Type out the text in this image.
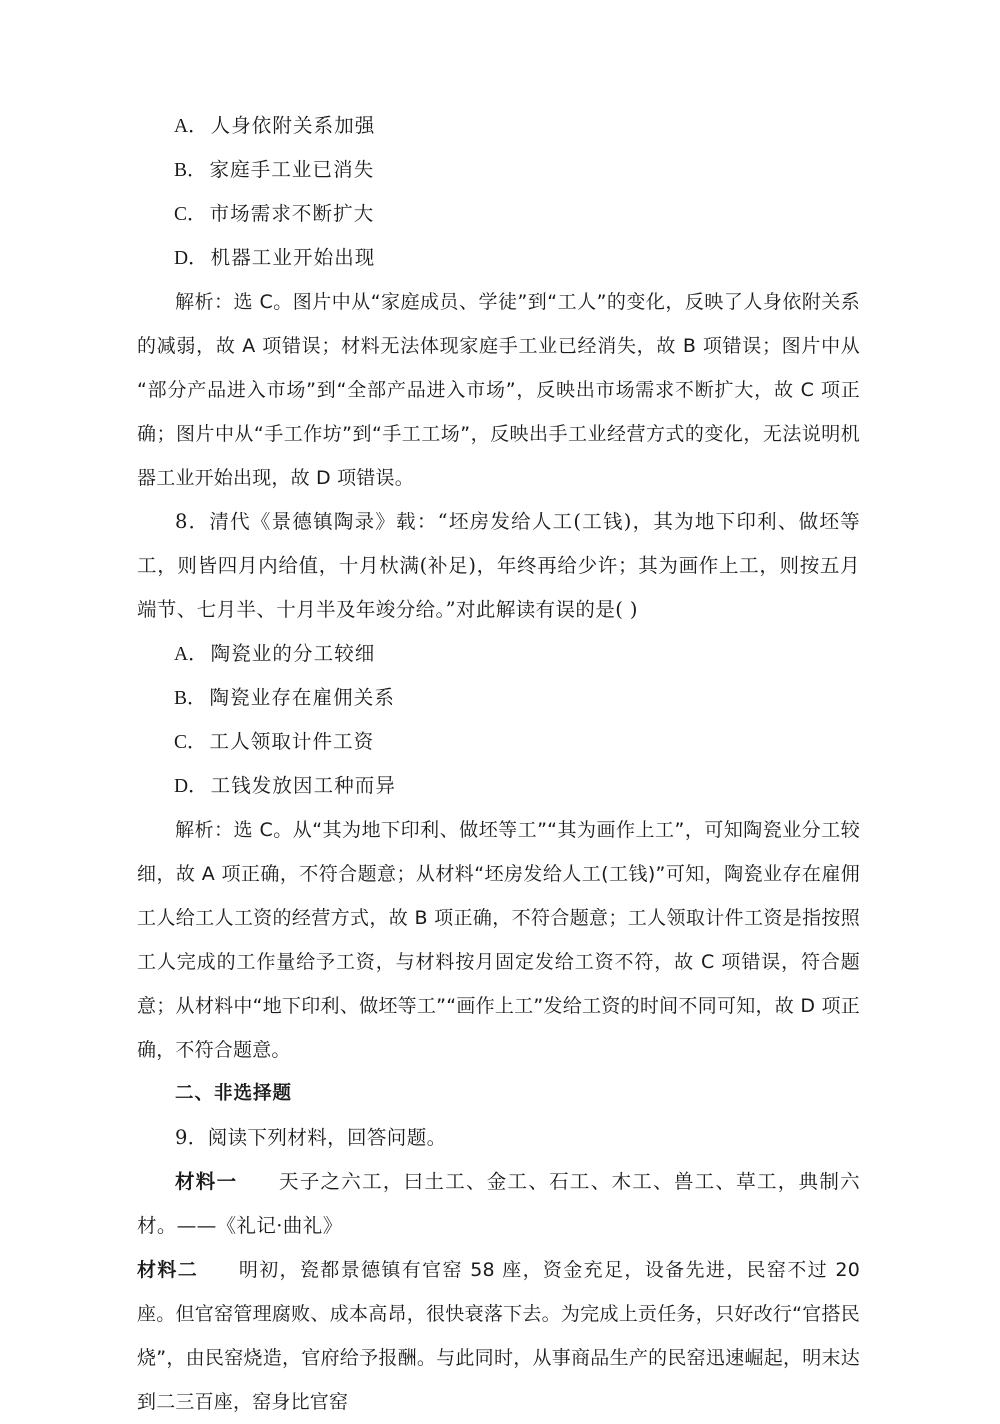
A． 人身依附关系加强
B． 家庭手工业已消失
C． 市场需求不断扩大
D． 机器工业开始出现

解析：选 C。图片中从“家庭成员、学徒”到“工人”的变化，反映了人身依附关系的减弱，故 A 项错误；材料无法体现家庭手工业已经消失，故 B 项错误；图片中从“部分产品进入市场”到“全部产品进入市场”，反映出市场需求不断扩大，故 C 项正确；图片中从“手工作坊”到“手工工场”，反映出手工业经营方式的变化，无法说明机器工业开始出现，故 D 项错误。

8．清代《景德镇陶录》载：“坯房发给人工(工钱)，其为地下印利、做坯等工，则皆四月内给值，十月杕满(补足)，年终再给少许；其为画作上工，则按五月端节、七月半、十月半及年竣分给。”对此解读有误的是( )

A． 陶瓷业的分工较细
B． 陶瓷业存在雇佣关系
C． 工人领取计件工资
D． 工钱发放因工种而异

解析：选 C。从“其为地下印利、做坯等工”“其为画作上工”，可知陶瓷业分工较细，故 A 项正确，不符合题意；从材料“坯房发给人工(工钱)”可知，陶瓷业存在雇佣工人给工人工资的经营方式，故 B 项正确，不符合题意；工人领取计件工资是指按照工人完成的工作量给予工资，与材料按月固定发给工资不符，故 C 项错误，符合题意；从材料中“地下印利、做坯等工”“画作上工”发给工资的时间不同可知，故 D 项正确，不符合题意。

二、非选择题

9．阅读下列材料，回答问题。

材料一　　 天子之六工，曰土工、金工、石工、木工、兽工、草工，典制六材。——《礼记·曲礼》

材料二　　 明初，瓷都景德镇有官窑 58 座，资金充足，设备先进，民窑不过 20 座。但官窑管理腐败、成本高昂，很快衰落下去。为完成上贡任务，只好改行“官搭民烧”，由民窑烧造，官府给予报酬。与此同时，从事商品生产的民窑迅速崛起，明末达到二三百座，窑身比官窑
